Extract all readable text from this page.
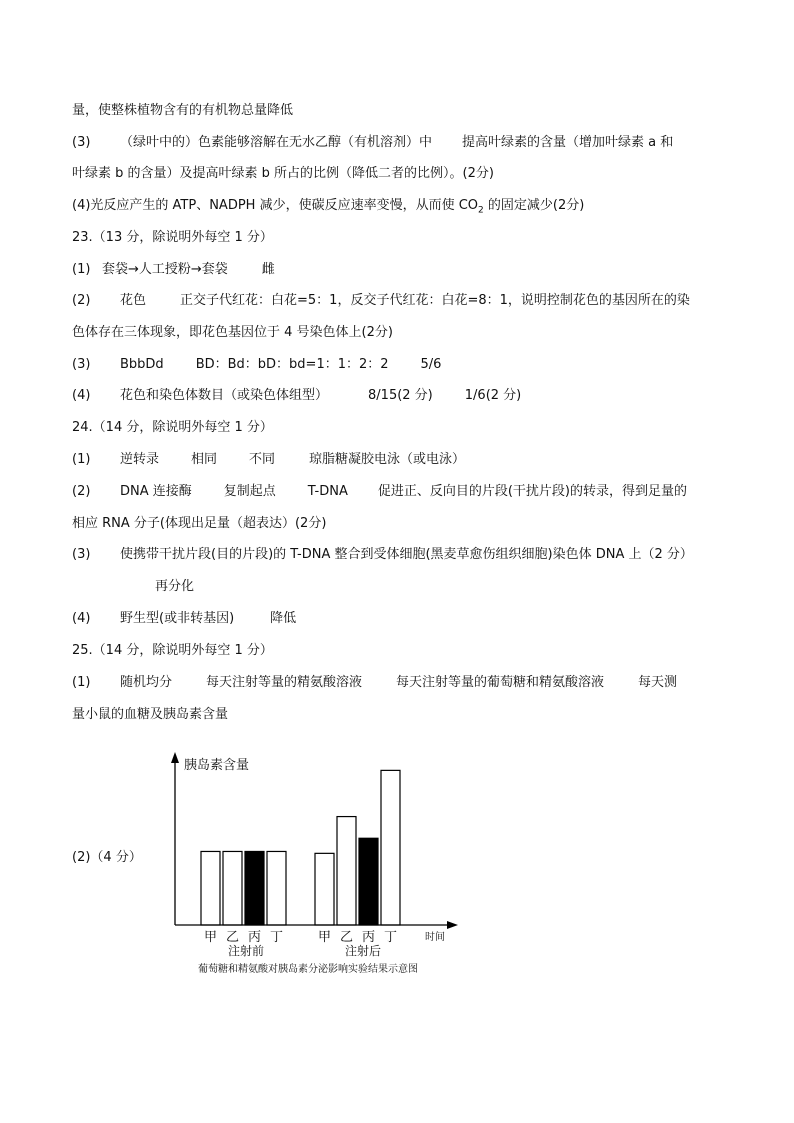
量，使整株植物含有的有机物总量降低
(3) （绿叶中的）色素能够溶解在无水乙醇（有机溶剂）中 提高叶绿素的含量（增加叶绿素 a 和
叶绿素 b 的含量）及提高叶绿素 b 所占的比例（降低二者的比例）。(2分)
(4)光反应产生的 ATP、NADPH 减少，使碳反应速率变慢，从而使 $CO_2$ 的固定减少(2分)
23.（13 分，除说明外每空 1 分）
(1) 套袋→人工授粉→套袋	雌
(2) 花色	正交子代红花：白花=5：1，反交子代红花：白花=8：1，说明控制花色的基因所在的染
色体存在三体现象，即花色基因位于 4 号染色体上(2分)
(3) BbbDd BD：Bd：bD：bd=1：1：2：2 5/6
(4) 花色和染色体数目（或染色体组型）	8/15(2 分) 1/6(2 分)
24.（14 分，除说明外每空 1 分）
(1) 逆转录 相同 不同	琼脂糖凝胶电泳（或电泳）
(2) DNA 连接酶 复制起点 T-DNA 促进正、反向目的片段(干扰片段)的转录，得到足量的
相应 RNA 分子(体现出足量（超表达）(2分)
(3) 使携带干扰片段(目的片段)的 T-DNA 整合到受体细胞(黑麦草愈伤组织细胞)染色体 DNA 上（2 分）
再分化
(4) 野生型(或非转基因)	降低
25.（14 分，除说明外每空 1 分）
(1) 随机均分	每天注射等量的精氨酸溶液	每天注射等量的葡萄糖和精氨酸溶液	每天测
量小鼠的血糖及胰岛素含量
(2)（4 分）
胰岛素含量
时间
甲 乙 丙 丁	甲 乙 丙 丁
注射前	注射后
葡萄糖和精氨酸对胰岛素分泌影响实验结果示意图
